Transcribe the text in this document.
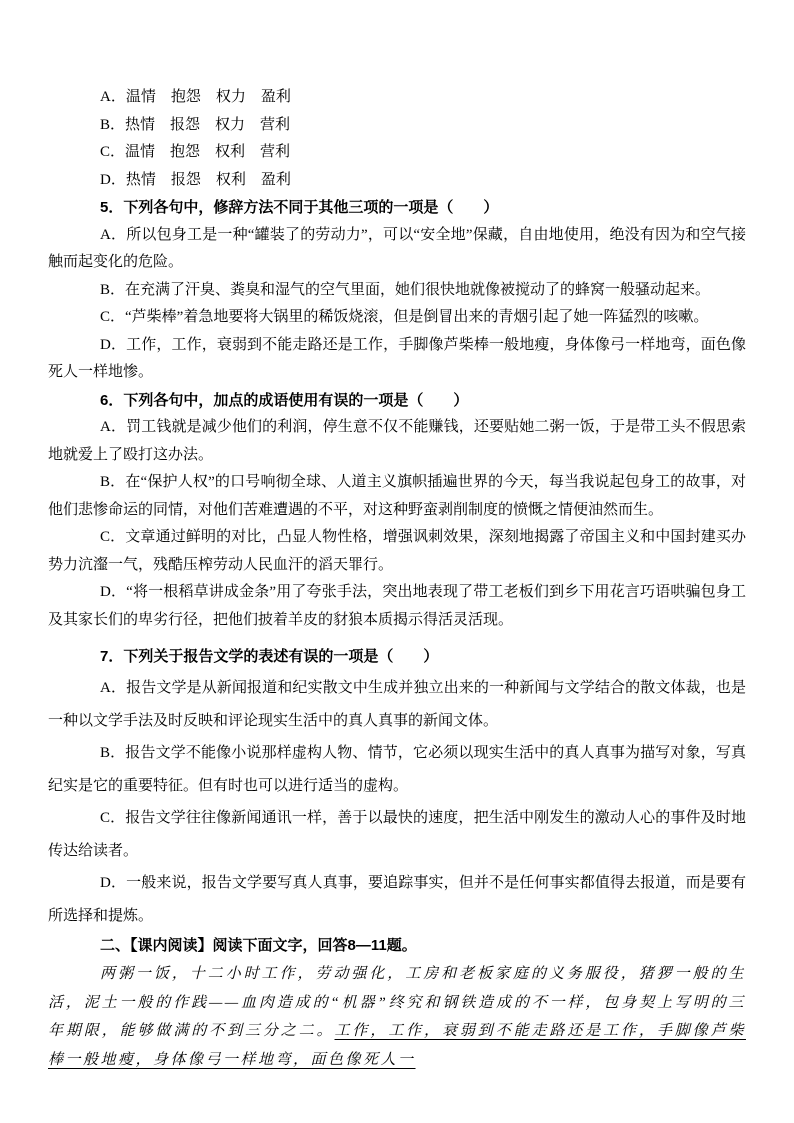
A．温情　抱怨　权力　盈利

B．热情　报怨　权力　营利

C．温情　抱怨　权利　营利

D．热情　报怨　权利　盈利

5．下列各句中，修辞方法不同于其他三项的一项是（　　）

A．所以包身工是一种“罐装了的劳动力”，可以“安全地”保藏，自由地使用，绝没有因为和空气接触而起变化的危险。

B．在充满了汗臭、粪臭和湿气的空气里面，她们很快地就像被搅动了的蜂窝一般骚动起来。

C．“芦柴棒”着急地要将大锅里的稀饭烧滚，但是倒冒出来的青烟引起了她一阵猛烈的咳嗽。

D．工作，工作，衰弱到不能走路还是工作，手脚像芦柴棒一般地瘦，身体像弓一样地弯，面色像死人一样地惨。

6．下列各句中，加点的成语使用有误的一项是（　　）

A．罚工钱就是减少他们的利润，停生意不仅不能赚钱，还要贴她二粥一饭，于是带工头不假思索地就爱上了殴打这办法。

B．在“保护人权”的口号响彻全球、人道主义旗帜插遍世界的今天，每当我说起包身工的故事，对他们悲惨命运的同情，对他们苦难遭遇的不平，对这种野蛮剥削制度的愤慨之情便油然而生。

C．文章通过鲜明的对比，凸显人物性格，增强讽刺效果，深刻地揭露了帝国主义和中国封建买办势力沆瀣一气，残酷压榨劳动人民血汗的滔天罪行。

D．“将一根稻草讲成金条”用了夸张手法，突出地表现了带工老板们到乡下用花言巧语哄骗包身工及其家长们的卑劣行径，把他们披着羊皮的豺狼本质揭示得活灵活现。

7．下列关于报告文学的表述有误的一项是（　　）

A．报告文学是从新闻报道和纪实散文中生成并独立出来的一种新闻与文学结合的散文体裁，也是一种以文学手法及时反映和评论现实生活中的真人真事的新闻文体。

B．报告文学不能像小说那样虚构人物、情节，它必须以现实生活中的真人真事为描写对象，写真纪实是它的重要特征。但有时也可以进行适当的虚构。

C．报告文学往往像新闻通讯一样，善于以最快的速度，把生活中刚发生的激动人心的事件及时地传达给读者。

D．一般来说，报告文学要写真人真事，要追踪事实，但并不是任何事实都值得去报道，而是要有所选择和提炼。

二、【课内阅读】阅读下面文字，回答8—11题。

两粥一饭，十二小时工作，劳动强化，工房和老板家庭的义务服役，猪猡一般的生活，泥土一般的作践——血肉造成的“机器”终究和钢铁造成的不一样，包身契上写明的三年期限，能够做满的不到三分之二。工作，工作，衰弱到不能走路还是工作，手脚像芦柴棒一般地瘦，身体像弓一样地弯，面色像死人一
